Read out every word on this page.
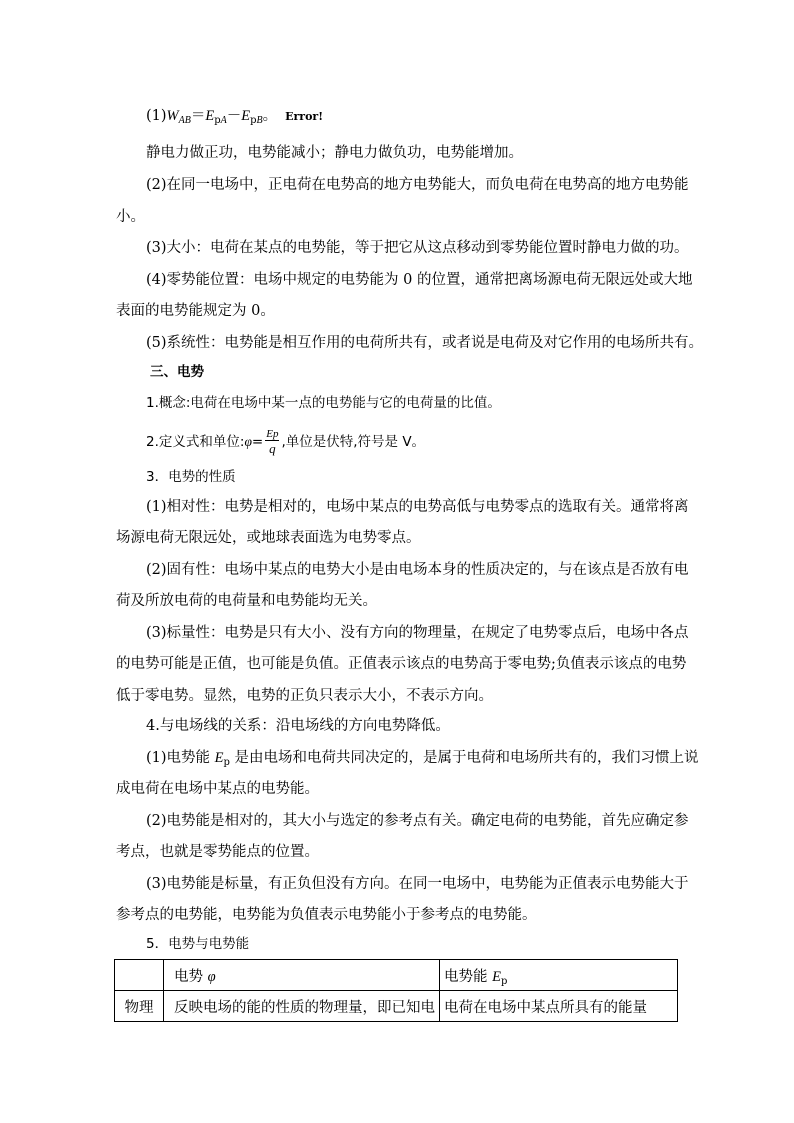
$(1)W_{AB}=E_{pA}-E_{pB}$。 Error!
静电力做正功，电势能减小；静电力做负功，电势能增加。
(2)在同一电场中，正电荷在电势高的地方电势能大，而负电荷在电势高的地方电势能
小。
(3)大小：电荷在某点的电势能，等于把它从这点移动到零势能位置时静电力做的功。
(4)零势能位置：电场中规定的电势能为 0 的位置，通常把离场源电荷无限远处或大地
表面的电势能规定为 0。
(5)系统性：电势能是相互作用的电荷所共有，或者说是电荷及对它作用的电场所共有。
三、电势
1.概念:电荷在电场中某一点的电势能与它的电荷量的比值。
2.定义式和单位:φ= $\frac{Ep}{q}$ ,单位是伏特,符号是 V。
3．电势的性质
(1)相对性：电势是相对的，电场中某点的电势高低与电势零点的选取有关。通常将离
场源电荷无限远处，或地球表面选为电势零点。
(2)固有性：电场中某点的电势大小是由电场本身的性质决定的，与在该点是否放有电
荷及所放电荷的电荷量和电势能均无关。
(3)标量性：电势是只有大小、没有方向的物理量，在规定了电势零点后，电场中各点
的电势可能是正值，也可能是负值。正值表示该点的电势高于零电势;负值表示该点的电势
低于零电势。显然，电势的正负只表示大小，不表示方向。
4.与电场线的关系：沿电场线的方向电势降低。
(1)电势能 $E_p$ 是由电场和电荷共同决定的，是属于电荷和电场所共有的，我们习惯上说
成电荷在电场中某点的电势能。
(2)电势能是相对的，其大小与选定的参考点有关。确定电荷的电势能，首先应确定参
考点，也就是零势能点的位置。
(3)电势能是标量，有正负但没有方向。在同一电场中，电势能为正值表示电势能大于
参考点的电势能，电势能为负值表示电势能小于参考点的电势能。
5．电势与电势能
	电势 φ	电势能 $E_p$
物理	反映电场的能的性质的物理量，即已知电	电荷在电场中某点所具有的能量
